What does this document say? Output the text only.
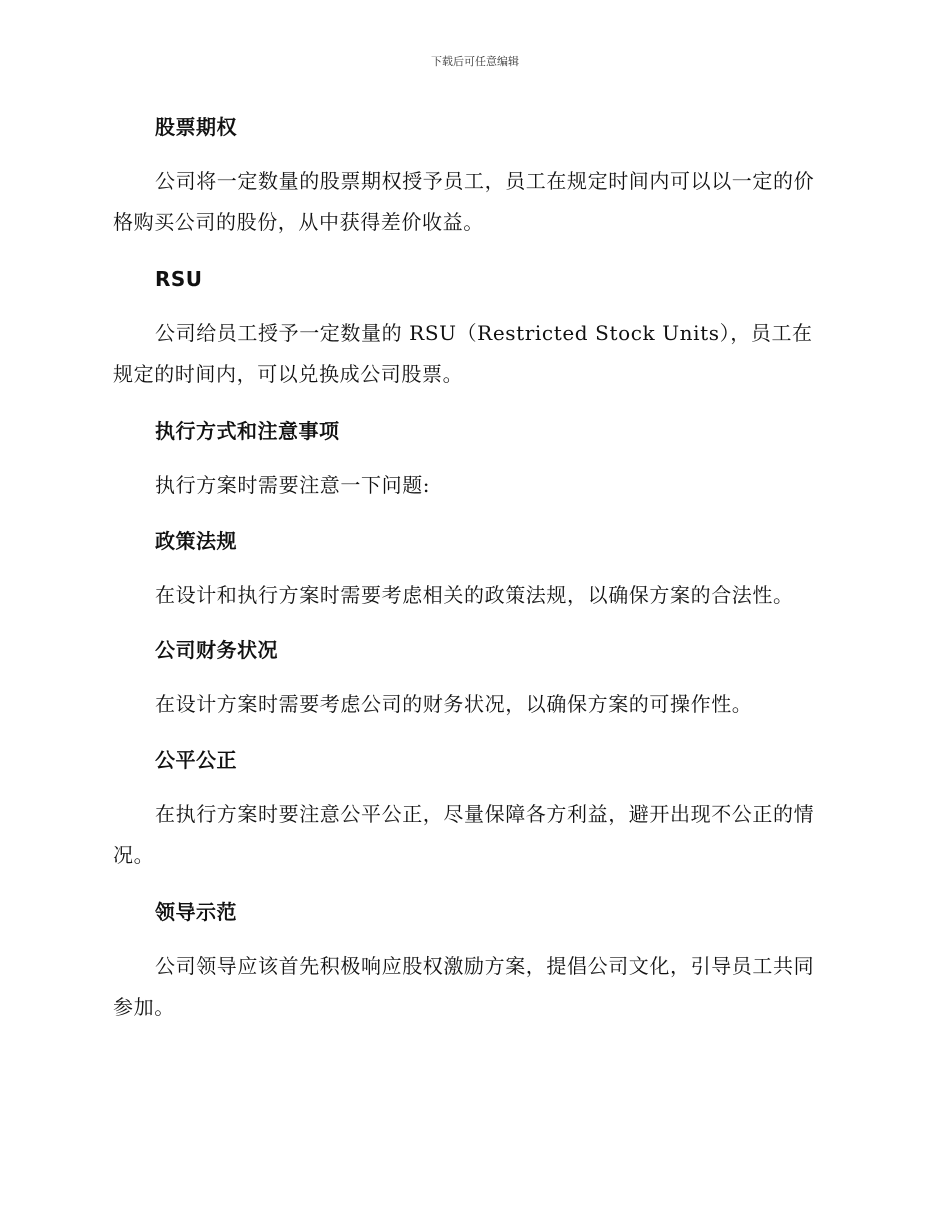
下载后可任意编辑
股票期权

公司将一定数量的股票期权授予员工，员工在规定时间内可以以一定的价格购买公司的股份，从中获得差价收益。

RSU

公司给员工授予一定数量的 RSU（Restricted Stock Units），员工在规定的时间内，可以兑换成公司股票。

执行方式和注意事项

执行方案时需要注意一下问题:

政策法规

在设计和执行方案时需要考虑相关的政策法规，以确保方案的合法性。

公司财务状况

在设计方案时需要考虑公司的财务状况，以确保方案的可操作性。

公平公正

在执行方案时要注意公平公正，尽量保障各方利益，避开出现不公正的情况。

领导示范

公司领导应该首先积极响应股权激励方案，提倡公司文化，引导员工共同参加。
